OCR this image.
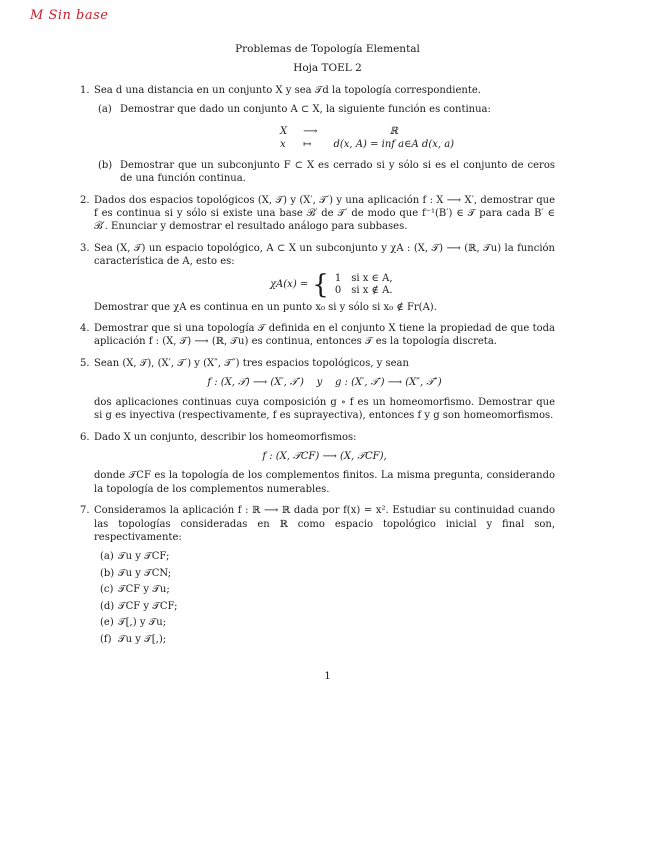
M Sin base
Problemas de Topología Elemental
Hoja TOEL 2
1. Sea d una distancia en un conjunto X y sea 𝒯d la topología correspondiente.

(a) Demostrar que dado un conjunto A ⊂ X, la siguiente función es continua:

X	⟶	ℝ
x	↦	d(x, A) = inf a∈A d(x, a)
(b) Demostrar que un subconjunto F ⊂ X es cerrado si y sólo si es el conjunto de ceros de una función continua.

2. Dados dos espacios topológicos (X, 𝒯) y (X′, 𝒯′) y una aplicación f : X ⟶ X′, demostrar que f es continua si y sólo si existe una base ℬ′ de 𝒯′ de modo que f⁻¹(B′) ∈ 𝒯 para cada B′ ∈ ℬ′. Enunciar y demostrar el resultado análogo para subbases.

3. Sea (X, 𝒯) un espacio topológico, A ⊂ X un subconjunto y χA : (X, 𝒯) ⟶ (ℝ, 𝒯u) la función característica de A, esto es:

χA(x) = { 1	si x ∈ A,
0	si x ∉ A.

Demostrar que χA es continua en un punto x₀ si y sólo si x₀ ∉ Fr(A).

4. Demostrar que si una topología 𝒯 definida en el conjunto X tiene la propiedad de que toda aplicación f : (X, 𝒯) ⟶ (ℝ, 𝒯u) es continua, entonces 𝒯 es la topología discreta.

5. Sean (X, 𝒯), (X′, 𝒯′) y (X″, 𝒯″) tres espacios topológicos, y sean

f : (X, 𝒯) ⟶ (X′, 𝒯′)    y    g : (X′, 𝒯′) ⟶ (X″, 𝒯″)

dos aplicaciones continuas cuya composición g ∘ f es un homeomorfismo. Demostrar que si g es inyectiva (respectivamente, f es suprayectiva), entonces f y g son homeomorfismos.

6. Dado X un conjunto, describir los homeomorfismos:

f : (X, 𝒯CF) ⟶ (X, 𝒯CF),

donde 𝒯CF es la topología de los complementos finitos. La misma pregunta, considerando la topología de los complementos numerables.

7. Consideramos la aplicación f : ℝ ⟶ ℝ dada por f(x) = x². Estudiar su continuidad cuando las topologías consideradas en ℝ como espacio topológico inicial y final son, respectivamente:

(a) 𝒯u y 𝒯CF;
(b) 𝒯u y 𝒯CN;
(c) 𝒯CF y 𝒯u;
(d) 𝒯CF y 𝒯CF;
(e) 𝒯[,) y 𝒯u;
(f) 𝒯u y 𝒯[,);
1
